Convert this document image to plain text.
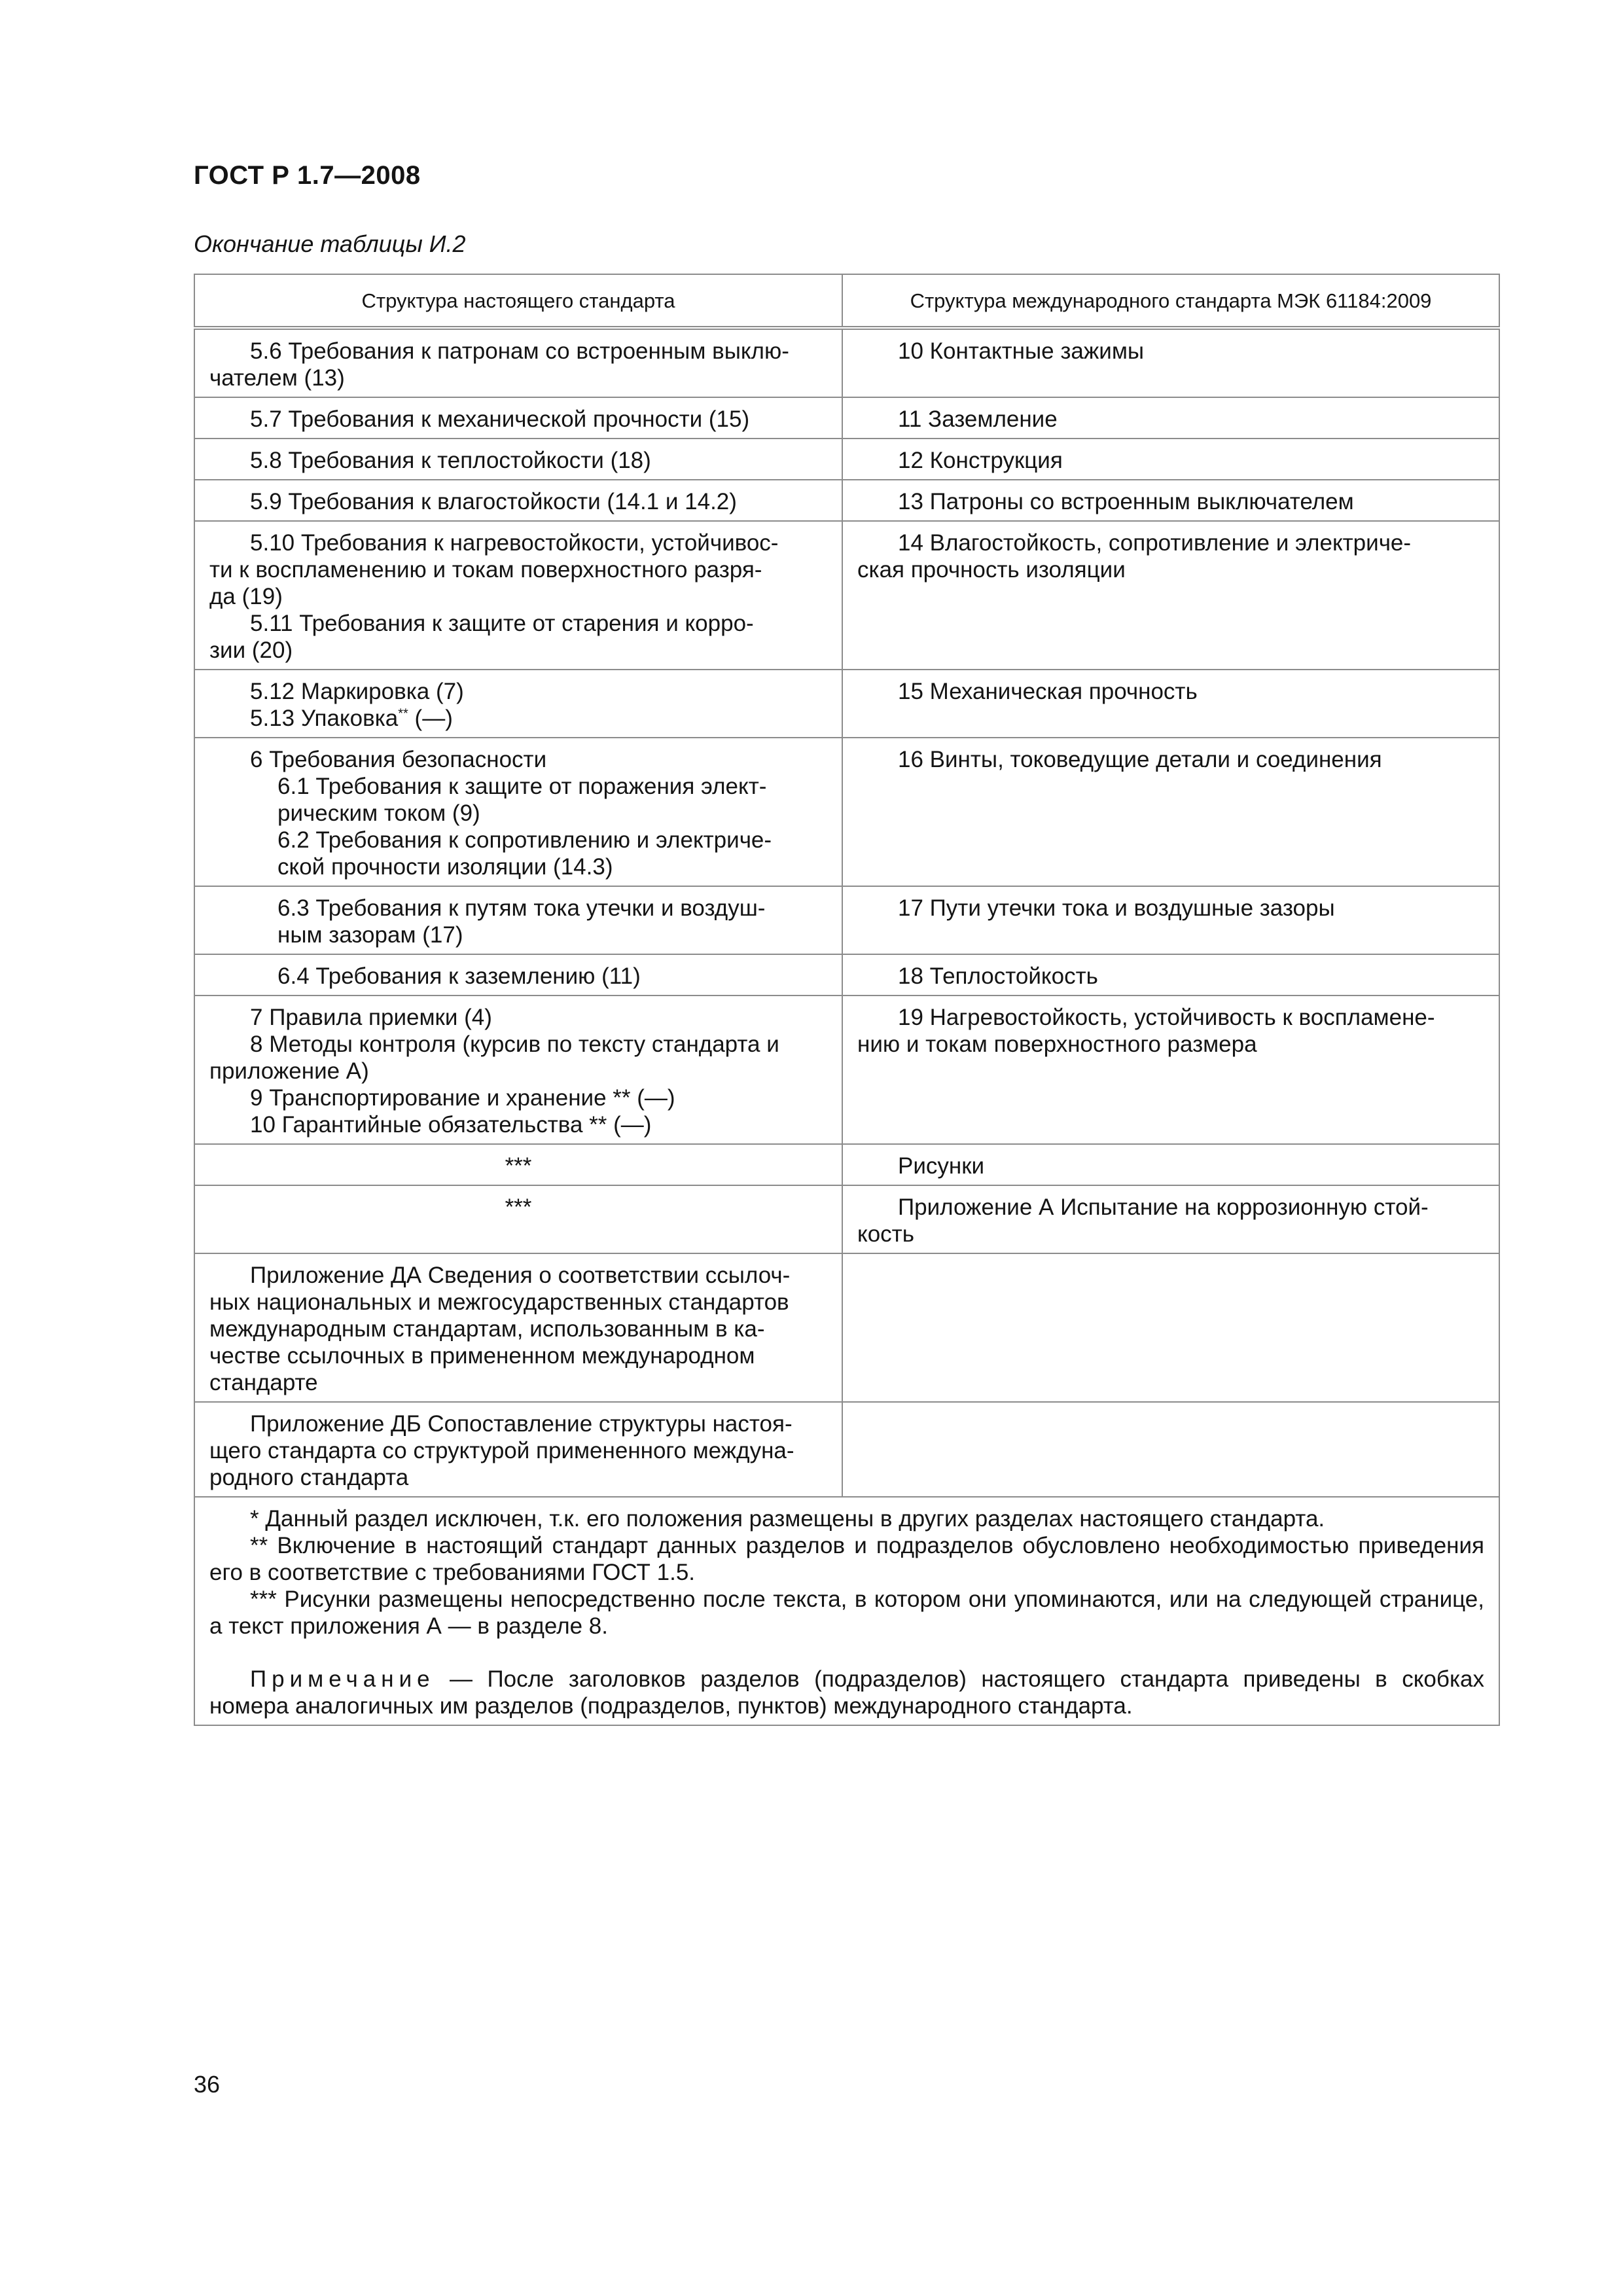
ГОСТ Р 1.7—2008
Окончание таблицы И.2
Структура настоящего стандарта	Структура международного стандарта МЭК 61184:2009

5.6 Требования к патронам со встроенным выклю-
чателем (13)	10 Контактные зажимы

5.7 Требования к механической прочности (15)	11 Заземление

5.8 Требования к теплостойкости (18)	12 Конструкция

5.9 Требования к влагостойкости (14.1 и 14.2)	13 Патроны со встроенным выключателем

5.10 Требования к нагревостойкости, устойчивос-
ти к воспламенению и токам поверхностного разря-
да (19)
5.11 Требования к защите от старения и корро-
зии (20)	14 Влагостойкость, сопротивление и электриче-
ская прочность изоляции

5.12 Маркировка (7)
5.13 Упаковка** (—)	15 Механическая прочность

6 Требования безопасности
6.1 Требования к защите от поражения элект-
рическим током (9)
6.2 Требования к сопротивлению и электриче-
ской прочности изоляции (14.3)	16 Винты, токоведущие детали и соединения

6.3 Требования к путям тока утечки и воздуш-
ным зазорам (17)	17 Пути утечки тока и воздушные зазоры

6.4 Требования к заземлению (11)	18 Теплостойкость

7 Правила приемки (4)
8 Методы контроля (курсив по тексту стандарта и
приложение А)
9 Транспортирование и хранение ** (—)
10 Гарантийные обязательства ** (—)	19 Нагревостойкость, устойчивость к воспламене-
нию и токам поверхностного размера

***	Рисунки

***	Приложение А Испытание на коррозионную стой-
кость

Приложение ДА Сведения о соответствии ссылоч-
ных национальных и межгосударственных стандартов
международным стандартам, использованным в ка-
честве ссылочных в примененном международном
стандарте	

Приложение ДБ Сопоставление структуры настоя-
щего стандарта со структурой примененного междуна-
родного стандарта	

* Данный раздел исключен, т.к. его положения размещены в других разделах настоящего стандарта.

** Включение в настоящий стандарт данных разделов и подразделов обусловлено необходимостью приведения его в соответствие с требованиями ГОСТ 1.5.

*** Рисунки размещены непосредственно после текста, в котором они упоминаются, или на следующей странице, а текст приложения А — в разделе 8.

Примечание — После заголовков разделов (подразделов) настоящего стандарта приведены в скобках номера аналогичных им разделов (подразделов, пунктов) международного стандарта.	

36
